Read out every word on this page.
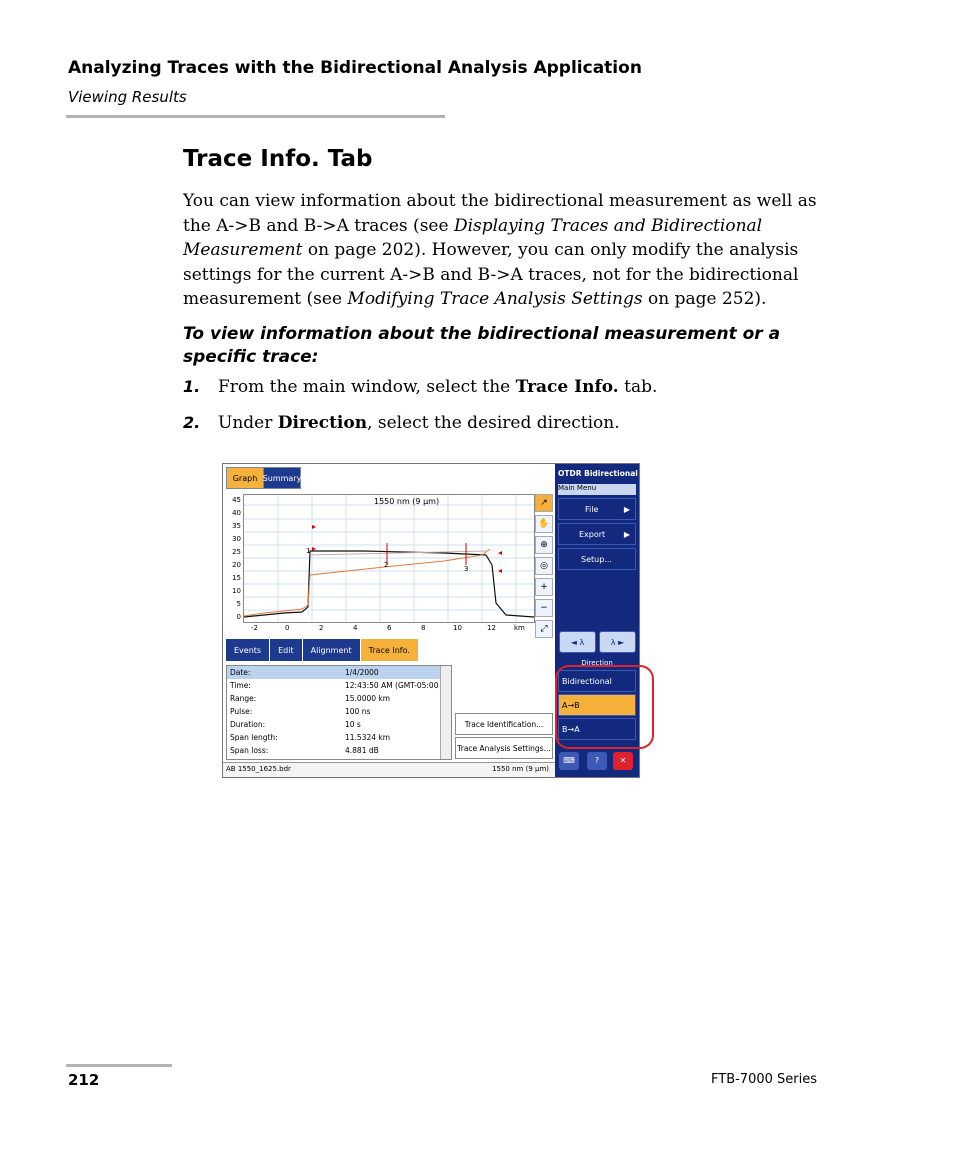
Analyzing Traces with the Bidirectional Analysis Application
Viewing Results
Trace Info. Tab
You can view information about the bidirectional measurement as well as
the A->B and B->A traces (see Displaying Traces and Bidirectional
Measurement on page 202). However, you can only modify the analysis
settings for the current A->B and B->A traces, not for the bidirectional
measurement (see Modifying Trace Analysis Settings on page 252).
To view information about the bidirectional measurement or a specific trace:
1. From the main window, select the Trace Info. tab.
2. Under Direction, select the desired direction.
Graph Summary
1550 nm (9 µm)
1
2	3
45
40
35
30
25
20
15
10
5
0
-2	0	2	4	6	8	10	12	km
↗
✋
⊕
◎
+
−
⤢
Events	Edit	Alignment	Trace Info.
Date:	1/4/2000
Time:	12:43:50 AM (GMT-05:00
Range:	15.0000 km
Pulse:	100 ns
Duration:	10 s
Span length:	11.5324 km
Span loss:	4.881 dB
Trace Identification...
Trace Analysis Settings...
AB 1550_1625.bdr	1550 nm (9 µm)
OTDR Bidirectional
Main Menu
File	▶
Export ▶
Setup...
◄ λ	λ ►
Direction
Bidirectional
A→B
B→A
⌨	?	✕
212	FTB-7000 Series
